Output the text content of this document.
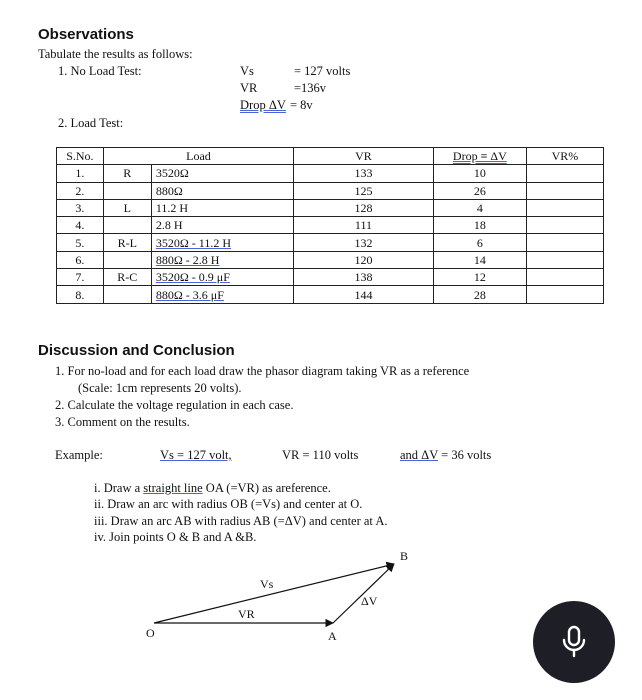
Observations
Tabulate the results as follows:
1. No Load Test:	Vs	= 127 volts
VR	=136v
Drop ΔV = 8v
2. Load Test:
S.No.	Load		VR	Drop ≡ ΔV	VR%
1.	R	3520Ω	133	10	
2.		880Ω	125	26	
3.	L	11.2 H	128	4	
4.		2.8 H	111	18	
5.	R-L	3520Ω - 11.2 H	132	6	
6.		880Ω - 2.8 H	120	14	
7.	R-C	3520Ω - 0.9 μF	138	12	
8.		880Ω - 3.6 μF	144	28	
Discussion and Conclusion
1. For no-load and for each load draw the phasor diagram taking VR as a reference
(Scale: 1cm represents 20 volts).
2. Calculate the voltage regulation in each case.
3. Comment on the results.
Example:	Vs = 127 volt,	VR = 110 volts	and ΔV = 36 volts
i. Draw a straight line OA (=VR) as areference.
ii. Draw an arc with radius OB (=Vs) and center at O.
iii. Draw an arc AB with radius AB (=ΔV) and center at A.
iv. Join points O & B and A &B.
O	A
B
Vs
VR
ΔV
